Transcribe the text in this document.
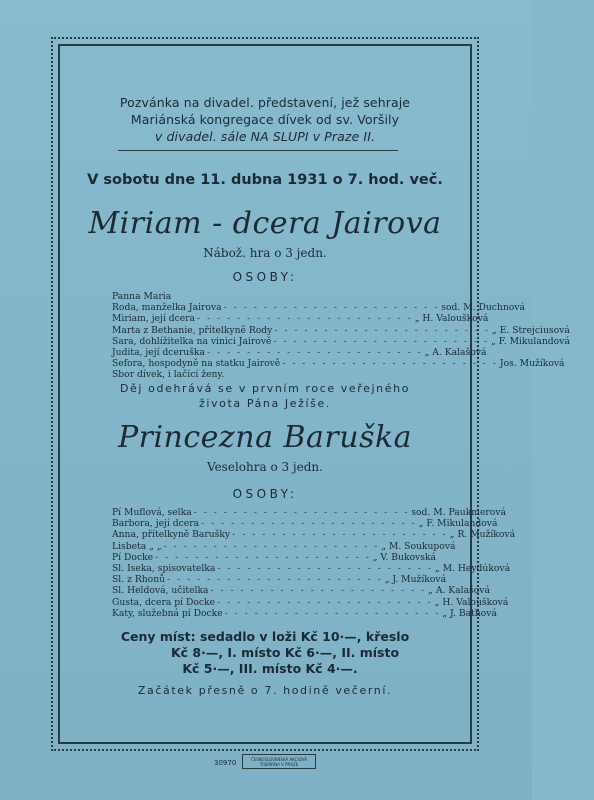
Pozvánka na divadel. představení, jež sehraje
Mariánská kongregace dívek od sv. Voršily
v divadel. sále NA SLUPI v Praze II.
V sobotu dne 11. dubna 1931 o 7. hod. več.
Miriam - dcera Jairova
Nábož. hra o 3 jedn.
OSOBY:
Panna Maria
Roda, manželka Jairova - - - - - - - - - - - - - - - - - - - - - - sod. M. Duchnová
Miriam, její dcera - - - - - - - - - - - - - - - - - - - - - - „ H. Valoušková
Marta z Bethanie, přítelkyně Rody - - - - - - - - - - - - - - - - - - - - - - „ E. Strejciusová
Sara, dohlížitelka na vinici Jairově - - - - - - - - - - - - - - - - - - - - - - „ F. Mikulandová
Judita, její dceruška - - - - - - - - - - - - - - - - - - - - - - „ A. Kalašová
Sefora, hospodyně na statku Jairově - - - - - - - - - - - - - - - - - - - - - - Jos. Mužíková
Sbor dívek, i lačící ženy.
Děj odehrává se v prvním roce veřejného
života Pána Ježíše.
Princezna Baruška
Veselohra o 3 jedn.
OSOBY:
Pí Muflová, selka - - - - - - - - - - - - - - - - - - - - - - sod. M. Paukmerová
Barbora, její dcera - - - - - - - - - - - - - - - - - - - - - - „ F. Mikulandová
Anna, přítelkyně Barušky - - - - - - - - - - - - - - - - - - - - - - „ R. Mužíková
Lisbeta „ „ - - - - - - - - - - - - - - - - - - - - - - „ M. Soukupová
Pí Docke - - - - - - - - - - - - - - - - - - - - - - „ V. Bukovská
Sl. Iseka, spisovatelka - - - - - - - - - - - - - - - - - - - - - - „ M. Heydúková
Sl. z Rhonů - - - - - - - - - - - - - - - - - - - - - - „ J. Mužíková
Sl. Heldová, učitelka - - - - - - - - - - - - - - - - - - - - - - „ A. Kalašová
Gusta, dcera pí Docke - - - - - - - - - - - - - - - - - - - - - - „ H. Valoušková
Katy, služebná pí Docke - - - - - - - - - - - - - - - - - - - - - - „ J. Bathová
Ceny míst: sedadlo v loži Kč 10·—, křeslo
Kč 8·—, I. místo Kč 6·—, II. místo
Kč 5·—, III. místo Kč 4·—.
Začátek přesně o 7. hodině večerní.
30970	ČESKOSLOVENSKÁ AKCIOVÁ TISKÁRNA V PRAZE
